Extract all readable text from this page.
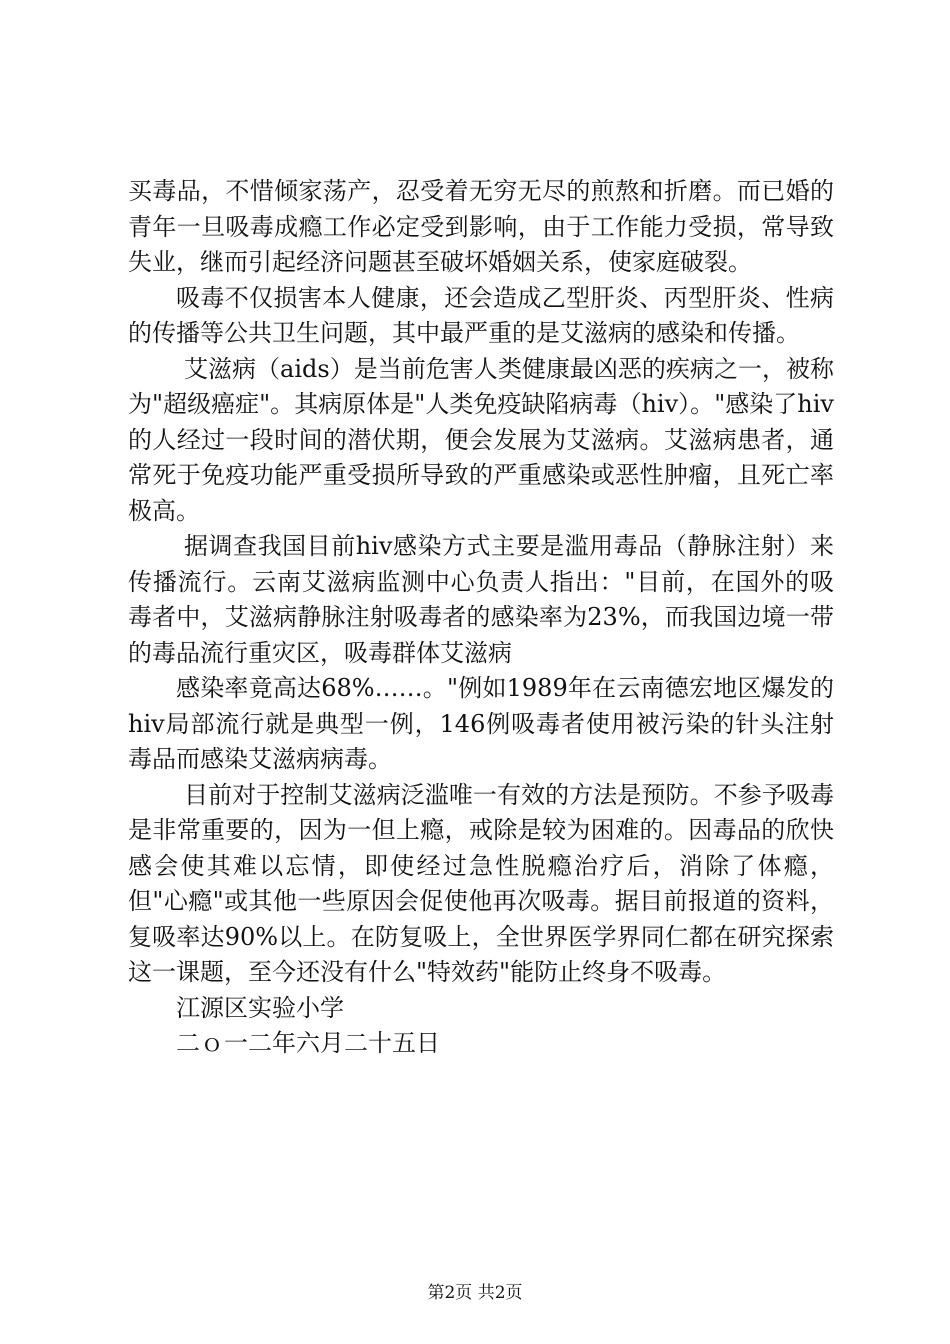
买毒品，不惜倾家荡产，忍受着无穷无尽的煎熬和折磨。而已婚的青年一旦吸毒成瘾工作必定受到影响，由于工作能力受损，常导致失业，继而引起经济问题甚至破坏婚姻关系，使家庭破裂。

吸毒不仅损害本人健康，还会造成乙型肝炎、丙型肝炎、性病的传播等公共卫生问题，其中最严重的是艾滋病的感染和传播。

艾滋病（aids）是当前危害人类健康最凶恶的疾病之一，被称为"超级癌症"。其病原体是"人类免疫缺陷病毒（hiv）。"感染了hiv的人经过一段时间的潜伏期，便会发展为艾滋病。艾滋病患者，通常死于免疫功能严重受损所导致的严重感染或恶性肿瘤，且死亡率极高。

据调查我国目前hiv感染方式主要是滥用毒品（静脉注射）来传播流行。云南艾滋病监测中心负责人指出："目前，在国外的吸毒者中，艾滋病静脉注射吸毒者的感染率为23%，而我国边境一带的毒品流行重灾区，吸毒群体艾滋病

感染率竟高达68%……。"例如1989年在云南德宏地区爆发的hiv局部流行就是典型一例，146例吸毒者使用被污染的针头注射毒品而感染艾滋病病毒。

目前对于控制艾滋病泛滥唯一有效的方法是预防。不参予吸毒是非常重要的，因为一但上瘾，戒除是较为困难的。因毒品的欣快感会使其难以忘情，即使经过急性脱瘾治疗后，消除了体瘾，但"心瘾"或其他一些原因会促使他再次吸毒。据目前报道的资料，复吸率达90%以上。在防复吸上，全世界医学界同仁都在研究探索这一课题，至今还没有什么"特效药"能防止终身不吸毒。

江源区实验小学

二ｏ一二年六月二十五日

第2页 共2页
